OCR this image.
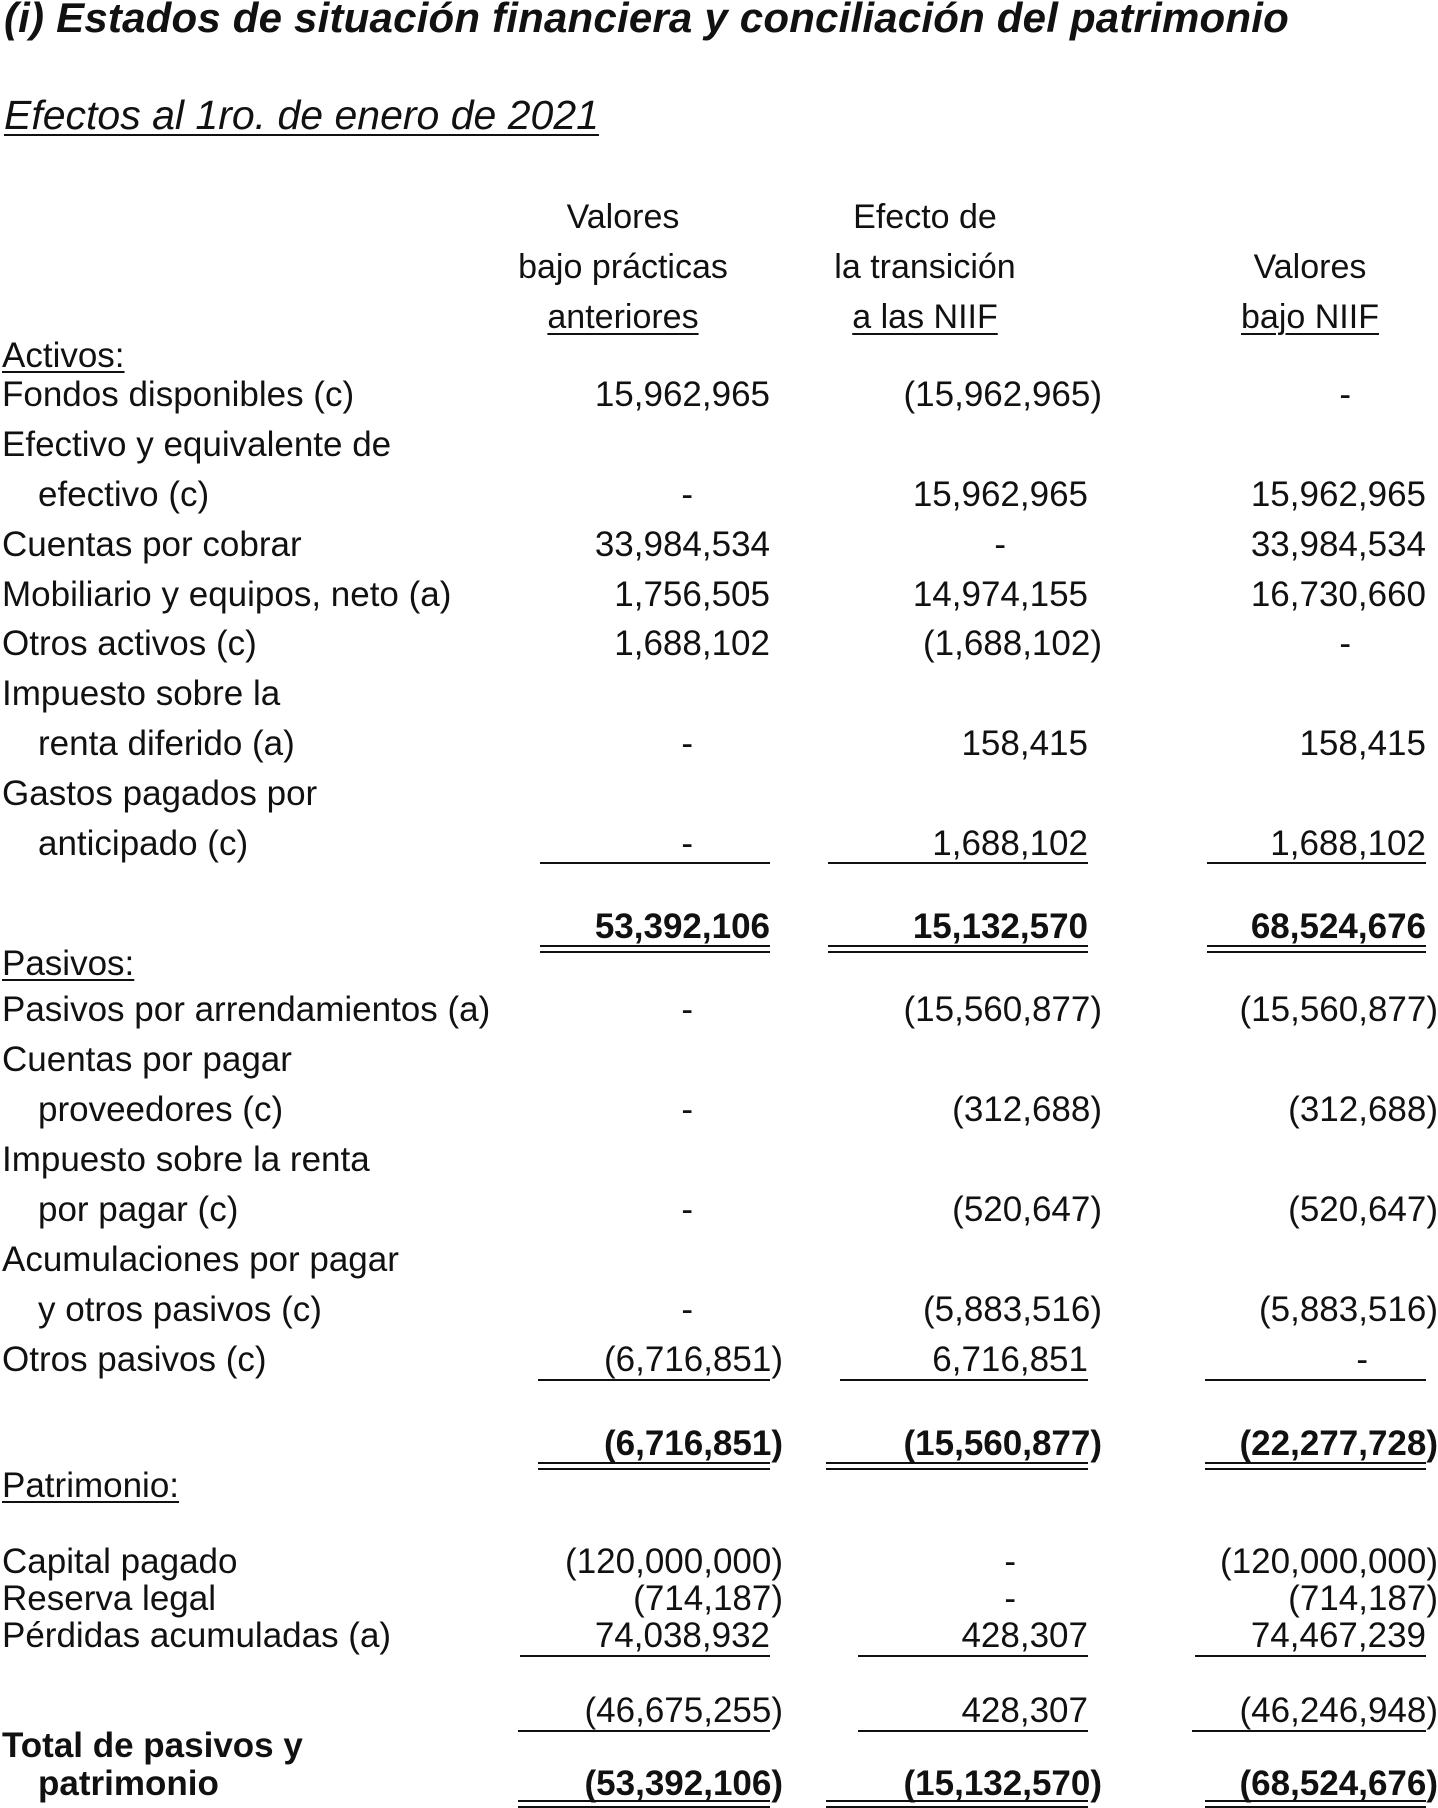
(i) Estados de situación financiera y conciliación del patrimonio
Efectos al 1ro. de enero de 2021
Valores
bajo prácticas
anteriores
Efecto de
la transición
a las NIIF
Valores
bajo NIIF
Activos:
Fondos disponibles (c)	15,962,965	(15,962,965)	-
Efectivo y equivalente de
efectivo (c)	-	15,962,965	15,962,965
Cuentas por cobrar	33,984,534	-	33,984,534
Mobiliario y equipos, neto (a)	1,756,505	14,974,155	16,730,660
Otros activos (c)	1,688,102	(1,688,102)	-
Impuesto sobre la
renta diferido (a)	-	158,415	158,415
Gastos pagados por
anticipado (c)	-	1,688,102	1,688,102
53,392,106	15,132,570	68,524,676
Pasivos:
Pasivos por arrendamientos (a)	-	(15,560,877)	(15,560,877)
Cuentas por pagar
proveedores (c)	-	(312,688)	(312,688)
Impuesto sobre la renta
por pagar (c)	-	(520,647)	(520,647)
Acumulaciones por pagar
y otros pasivos (c)	-	(5,883,516)	(5,883,516)
Otros pasivos (c)	(6,716,851)	6,716,851	-
(6,716,851)	(15,560,877)	(22,277,728)
Patrimonio:
Capital pagado	(120,000,000)	-	(120,000,000)
Reserva legal	(714,187)	-	(714,187)
Pérdidas acumuladas (a)	74,038,932	428,307	74,467,239
(46,675,255)	428,307	(46,246,948)
Total de pasivos y
patrimonio	(53,392,106)	(15,132,570)	(68,524,676)
